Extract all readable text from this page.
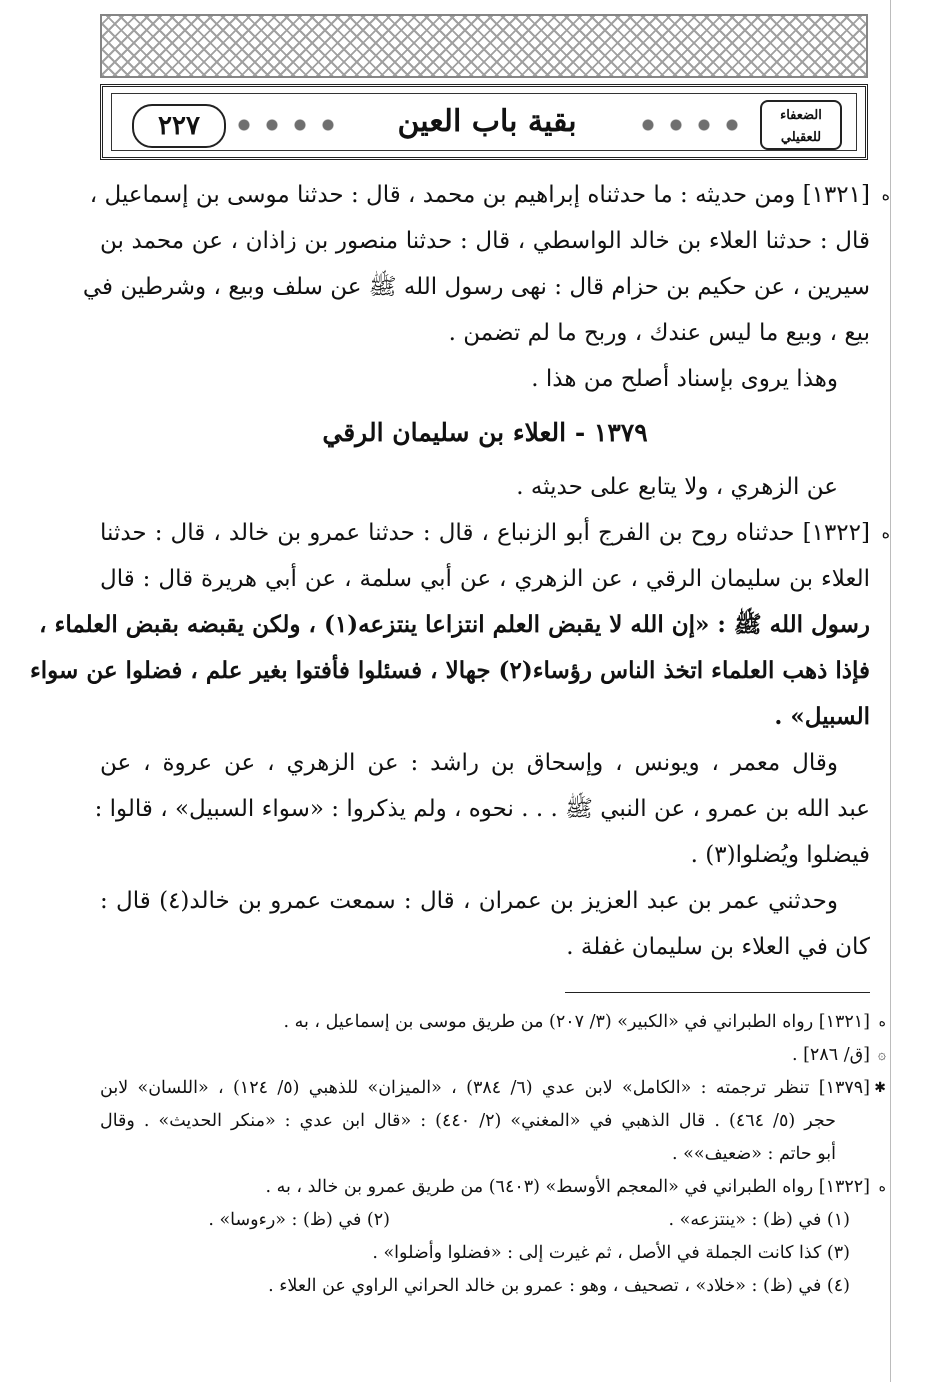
٢٢٧	بقية باب العين	الضعفاء للعقيلي
ه
[١٣٢١] ومن حديثه : ما حدثناه إبراهيم بن محمد ، قال : حدثنا موسى بن إسماعيل ،
قال : حدثنا العلاء بن خالد الواسطي ، قال : حدثنا منصور بن زاذان ، عن محمد بن
سيرين ، عن حكيم بن حزام قال : نهى رسول الله ﷺ عن سلف وبيع ، وشرطين في
بيع ، وبيع ما ليس عندك ، وربح ما لم تضمن .
وهذا يروى بإسناد أصلح من هذا .
١٣٧٩ - العلاء بن سليمان الرقي
عن الزهري ، ولا يتابع على حديثه .
ه
[١٣٢٢] حدثناه روح بن الفرج أبو الزنباع ، قال : حدثنا عمرو بن خالد ، قال : حدثنا
العلاء بن سليمان الرقي ، عن الزهري ، عن أبي سلمة ، عن أبي هريرة قال : قال
رسول الله ﷺ : «إن الله لا يقبض العلم انتزاعا ينتزعه(١) ، ولكن يقبضه بقبض العلماء ،
فإذا ذهب العلماء اتخذ الناس رؤساء(٢) جهالا ، فسئلوا فأفتوا بغير علم ، فضلوا عن سواء
السبيل» .
وقال معمر ، ويونس ، وإسحاق بن راشد : عن الزهري ، عن عروة ، عن
عبد الله بن عمرو ، عن النبي ﷺ . . . نحوه ، ولم يذكروا : «سواء السبيل» ، قالوا :
فيضلوا ويُضلوا(٣) .
وحدثني عمر بن عبد العزيز بن عمران ، قال : سمعت عمرو بن خالد(٤) قال :
كان في العلاء بن سليمان غفلة .
ه
[١٣٢١] رواه الطبراني في «الكبير» (٣/ ٢٠٧) من طريق موسى بن إسماعيل ، به .
۞
[ق/ ٢٨٦] .
✱
[١٣٧٩] تنظر ترجمته : «الكامل» لابن عدي (٦/ ٣٨٤) ، «الميزان» للذهبي (٥/ ١٢٤) ، «اللسان» لابن
حجر (٥/ ٤٦٤) . قال الذهبي في «المغني» (٢/ ٤٤٠) : «قال ابن عدي : «منكر الحديث» . وقال
أبو حاتم : «ضعيف»» .
ه
[١٣٢٢] رواه الطبراني في «المعجم الأوسط» (٦٤٠٣) من طريق عمرو بن خالد ، به .
(١) في (ظ) : «ينتزعه» .
(٢) في (ظ) : «رءوسا» .
(٣) كذا كانت الجملة في الأصل ، ثم غيرت إلى : «فضلوا وأضلوا» .
(٤) في (ظ) : «خلاد» ، تصحيف ، وهو : عمرو بن خالد الحراني الراوي عن العلاء .
